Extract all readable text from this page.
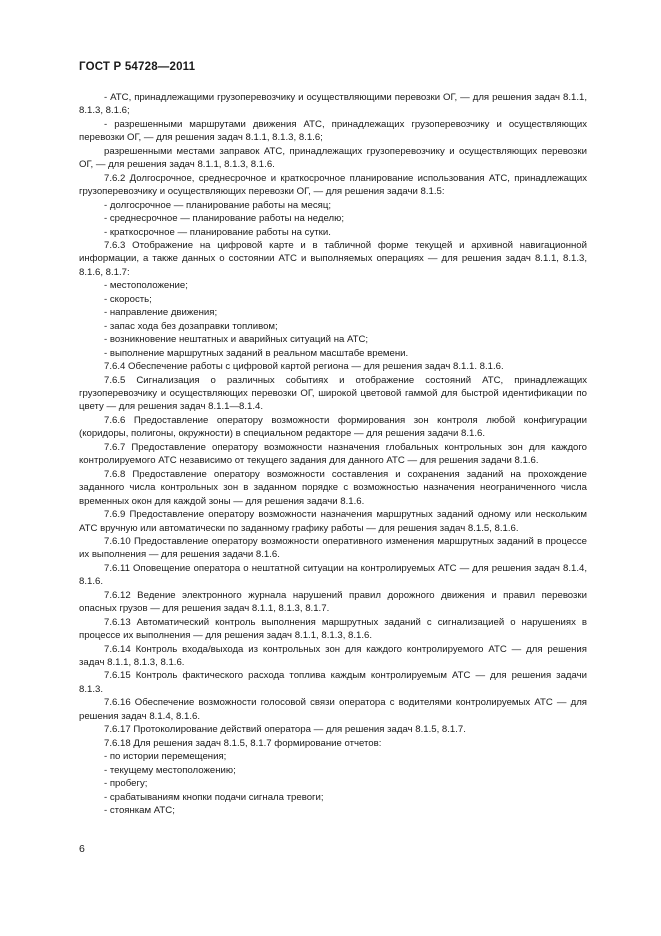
ГОСТ Р 54728—2011

- АТС, принадлежащими грузоперевозчику и осуществляющими перевозки ОГ, — для решения задач 8.1.1, 8.1.3, 8.1.6;

- разрешенными маршрутами движения АТС, принадлежащих грузоперевозчику и осуществляющих перевозки ОГ, — для решения задач 8.1.1, 8.1.3, 8.1.6;

разрешенными местами заправок АТС, принадлежащих грузоперевозчику и осуществляющих перевозки ОГ, — для решения задач 8.1.1, 8.1.3, 8.1.6.

7.6.2 Долгосрочное, среднесрочное и краткосрочное планирование использования АТС, принадлежащих грузоперевозчику и осуществляющих перевозки ОГ, — для решения задачи 8.1.5:

- долгосрочное — планирование работы на месяц;

- среднесрочное — планирование работы на неделю;

- краткосрочное — планирование работы на сутки.

7.6.3 Отображение на цифровой карте и в табличной форме текущей и архивной навигационной информации, а также данных о состоянии АТС и выполняемых операциях — для решения задач 8.1.1, 8.1.3, 8.1.6, 8.1.7:

- местоположение;

- скорость;

- направление движения;

- запас хода без дозаправки топливом;

- возникновение нештатных и аварийных ситуаций на АТС;

- выполнение маршрутных заданий в реальном масштабе времени.

7.6.4 Обеспечение работы с цифровой картой региона — для решения задач 8.1.1. 8.1.6.

7.6.5 Сигнализация о различных событиях и отображение состояний АТС, принадлежащих грузоперевозчику и осуществляющих перевозки ОГ, широкой цветовой гаммой для быстрой идентификации по цвету — для решения задач 8.1.1—8.1.4.

7.6.6 Предоставление оператору возможности формирования зон контроля любой конфигурации (коридоры, полигоны, окружности) в специальном редакторе — для решения задачи 8.1.6.

7.6.7 Предоставление оператору возможности назначения глобальных контрольных зон для каждого контролируемого АТС независимо от текущего задания для данного АТС — для решения задачи 8.1.6.

7.6.8 Предоставление оператору возможности составления и сохранения заданий на прохождение заданного числа контрольных зон в заданном порядке с возможностью назначения неограниченного числа временных окон для каждой зоны — для решения задачи 8.1.6.

7.6.9 Предоставление оператору возможности назначения маршрутных заданий одному или нескольким АТС вручную или автоматически по заданному графику работы — для решения задач 8.1.5, 8.1.6.

7.6.10 Предоставление оператору возможности оперативного изменения маршрутных заданий в процессе их выполнения — для решения задачи 8.1.6.

7.6.11 Оповещение оператора о нештатной ситуации на контролируемых АТС — для решения задач 8.1.4, 8.1.6.

7.6.12 Ведение электронного журнала нарушений правил дорожного движения и правил перевозки опасных грузов — для решения задач 8.1.1, 8.1.3, 8.1.7.

7.6.13 Автоматический контроль выполнения маршрутных заданий с сигнализацией о нарушениях в процессе их выполнения — для решения задач 8.1.1, 8.1.3, 8.1.6.

7.6.14 Контроль входа/выхода из контрольных зон для каждого контролируемого АТС — для решения задач 8.1.1, 8.1.3, 8.1.6.

7.6.15 Контроль фактического расхода топлива каждым контролируемым АТС — для решения задачи 8.1.3.

7.6.16 Обеспечение возможности голосовой связи оператора с водителями контролируемых АТС — для решения задач 8.1.4, 8.1.6.

7.6.17 Протоколирование действий оператора — для решения задач 8.1.5, 8.1.7.

7.6.18 Для решения задач 8.1.5, 8.1.7 формирование отчетов:

- по истории перемещения;

- текущему местоположению;

- пробегу;

- срабатываниям кнопки подачи сигнала тревоги;

- стоянкам АТС;

6
